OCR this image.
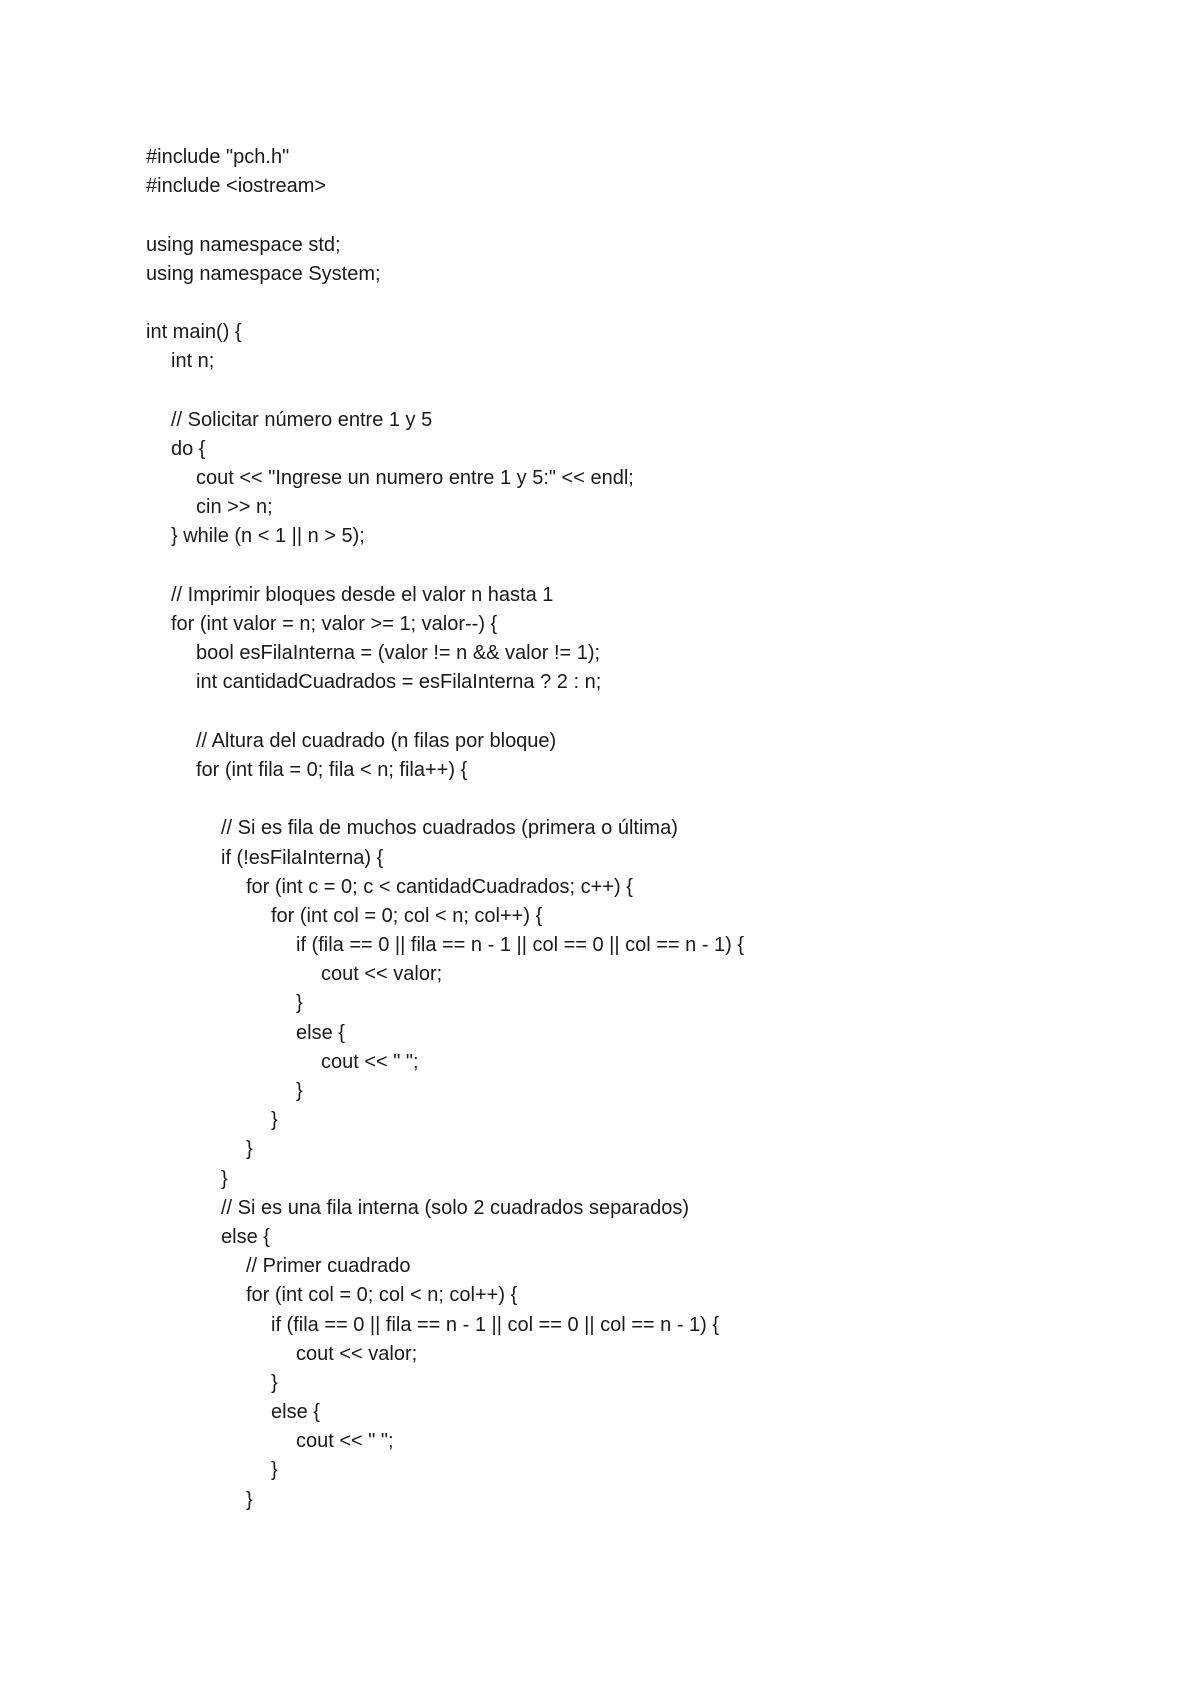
#include "pch.h"
#include <iostream>
using namespace std;
using namespace System;
int main() {
int n;
// Solicitar número entre 1 y 5
do {
cout << "Ingrese un numero entre 1 y 5:" << endl;
cin >> n;
} while (n < 1 || n > 5);
// Imprimir bloques desde el valor n hasta 1
for (int valor = n; valor >= 1; valor--) {
bool esFilaInterna = (valor != n && valor != 1);
int cantidadCuadrados = esFilaInterna ? 2 : n;
// Altura del cuadrado (n filas por bloque)
for (int fila = 0; fila < n; fila++) {
// Si es fila de muchos cuadrados (primera o última)
if (!esFilaInterna) {
for (int c = 0; c < cantidadCuadrados; c++) {
for (int col = 0; col < n; col++) {
if (fila == 0 || fila == n - 1 || col == 0 || col == n - 1) {
cout << valor;
}
else {
cout << " ";
}
}
}
}
// Si es una fila interna (solo 2 cuadrados separados)
else {
// Primer cuadrado
for (int col = 0; col < n; col++) {
if (fila == 0 || fila == n - 1 || col == 0 || col == n - 1) {
cout << valor;
}
else {
cout << " ";
}
}
